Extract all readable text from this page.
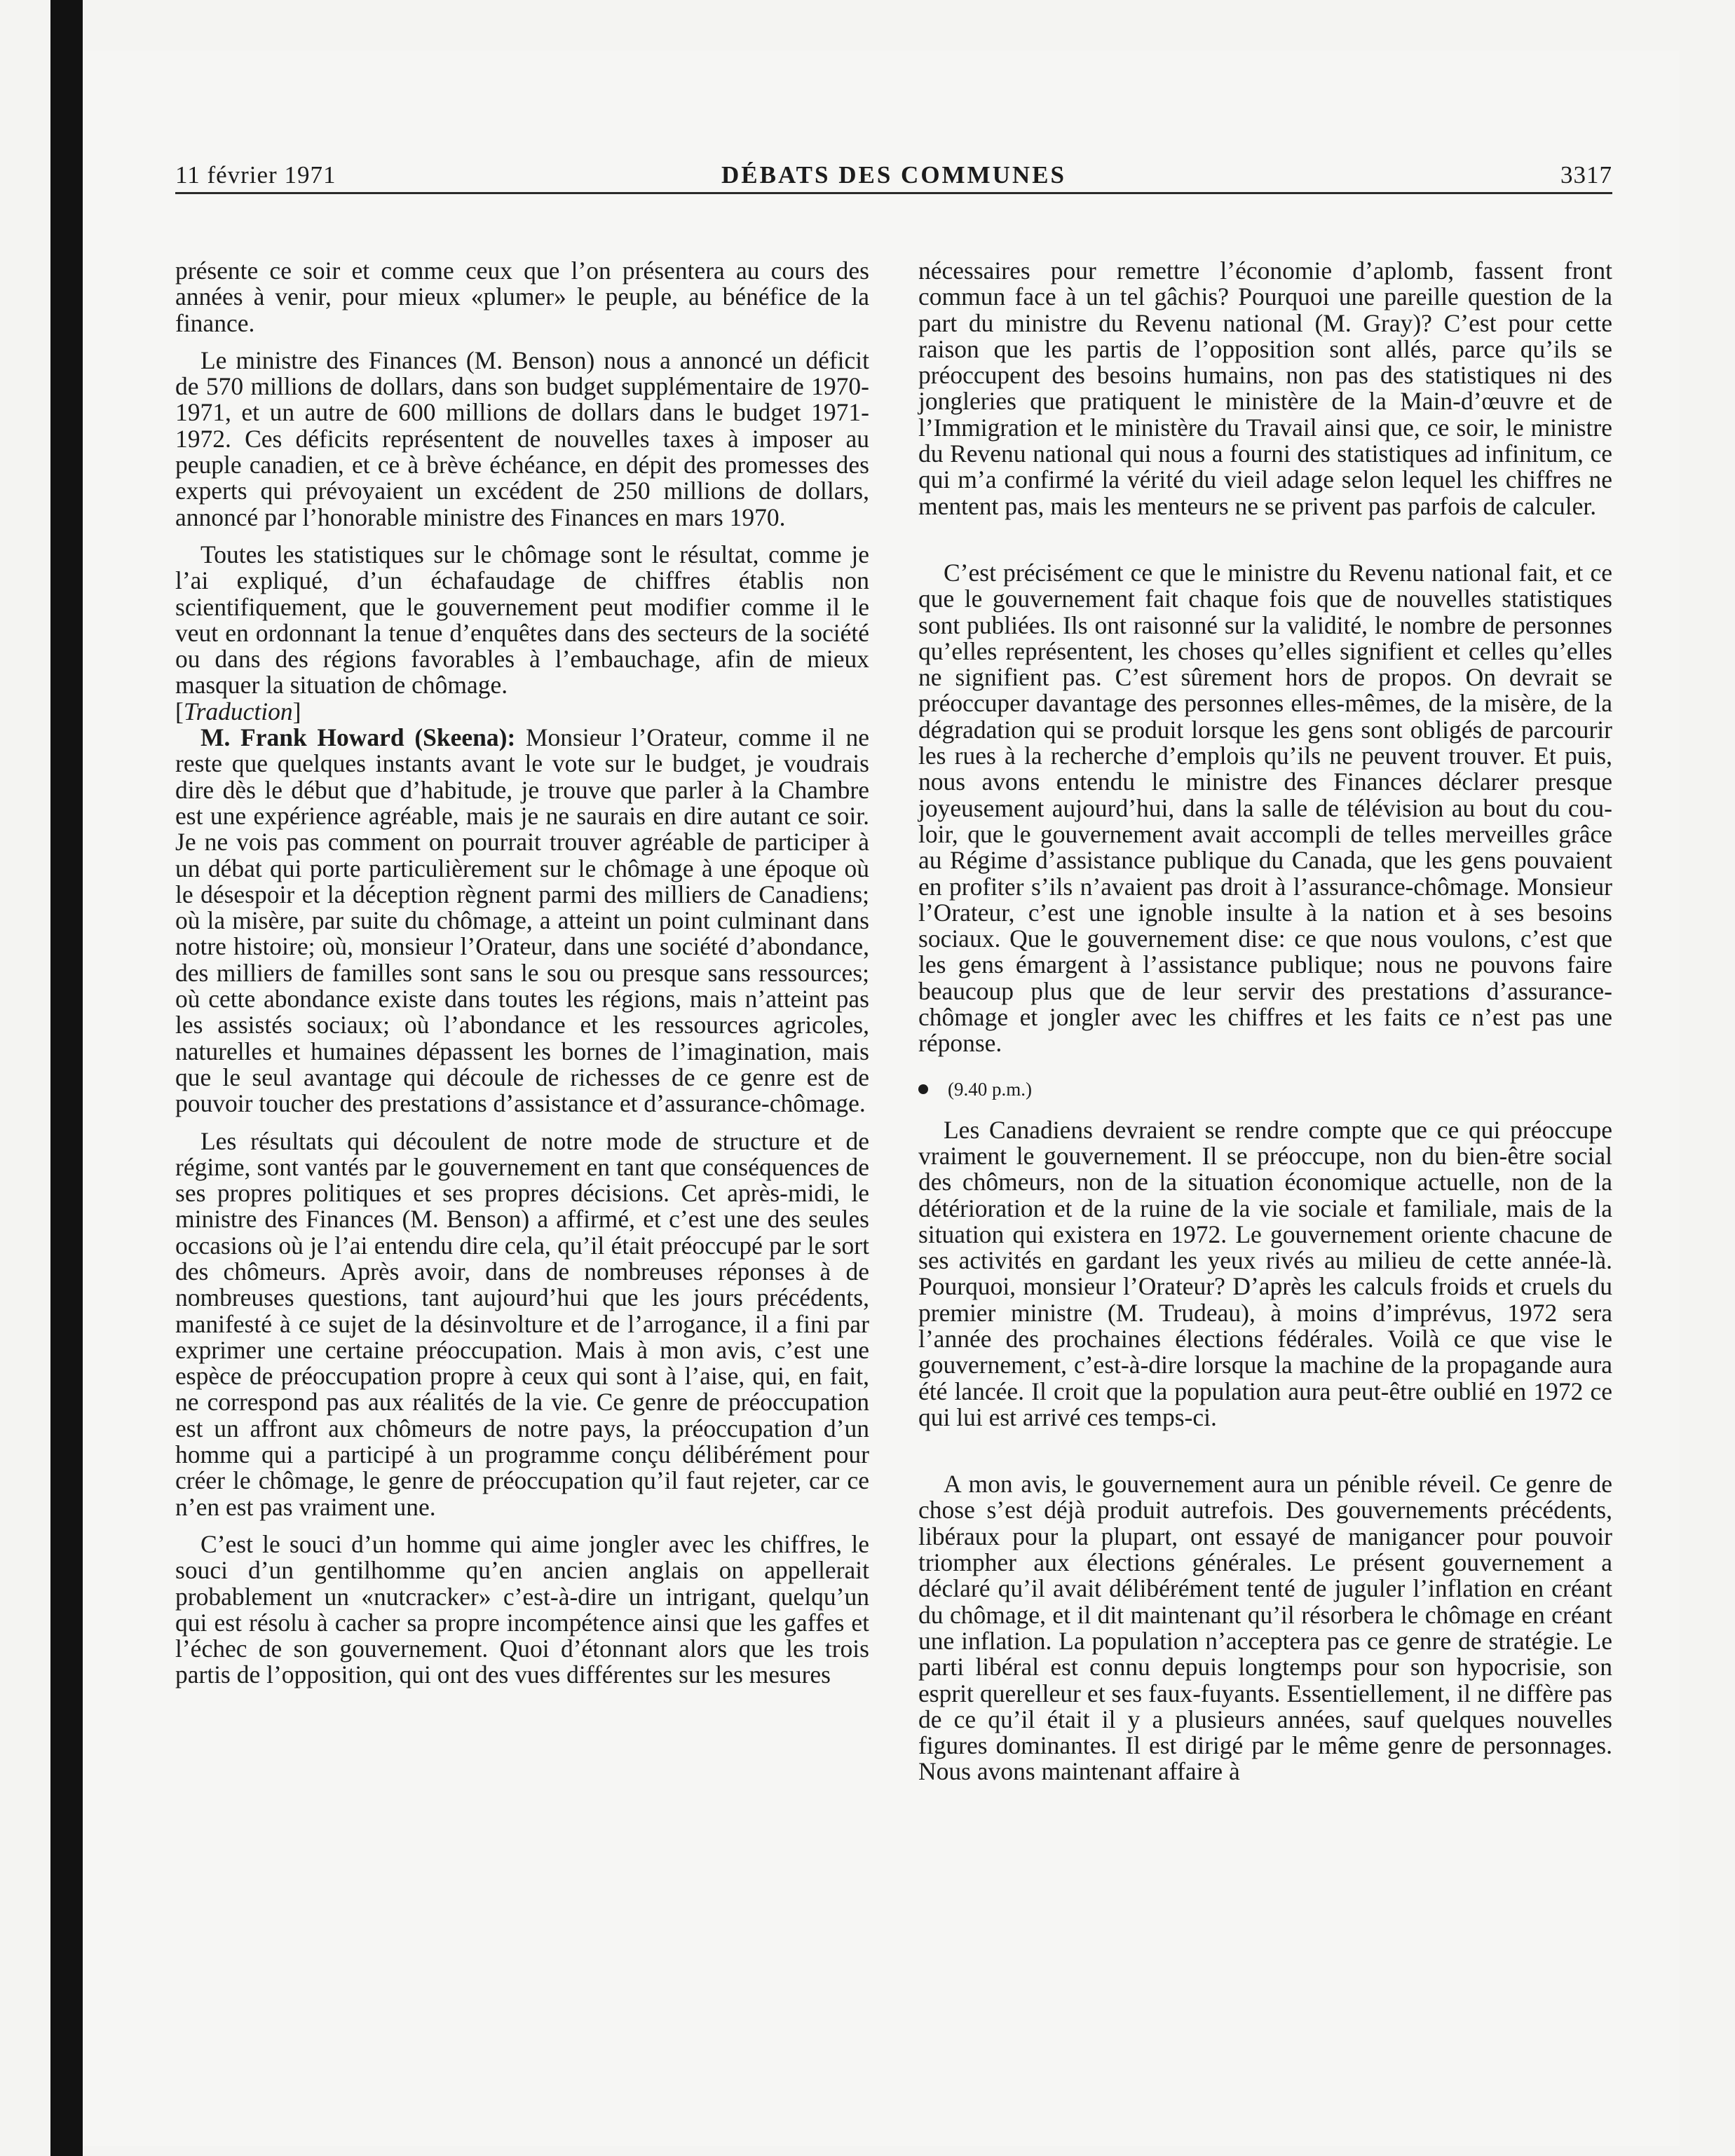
11 février 1971	DÉBATS DES COMMUNES	3317

présente ce soir et comme ceux que l’on présentera au cours des années à venir, pour mieux «plumer» le peuple, au bénéfice de la finance.

Le ministre des Finances (M. Benson) nous a annoncé un déficit de 570 millions de dollars, dans son budget supplémentaire de 1970-1971, et un autre de 600 millions de dollars dans le budget 1971-1972. Ces déficits représentent de nouvelles taxes à imposer au peuple canadien, et ce à brève échéance, en dépit des promesses des experts qui prévoyaient un excédent de 250 millions de dollars, annoncé par l’honorable ministre des Finances en mars 1970.

Toutes les statistiques sur le chômage sont le résultat, comme je l’ai expliqué, d’un échafaudage de chiffres établis non scientifiquement, que le gouvernement peut modifier comme il le veut en ordonnant la tenue d’enquêtes dans des secteurs de la société ou dans des régions favorables à l’embauchage, afin de mieux masquer la situation de chômage.

[Traduction]

M. Frank Howard (Skeena): Monsieur l’Orateur, comme il ne reste que quelques instants avant le vote sur le budget, je voudrais dire dès le début que d’habitude, je trouve que parler à la Chambre est une expérience agréable, mais je ne saurais en dire autant ce soir. Je ne vois pas comment on pourrait trouver agréable de participer à un débat qui porte particulièrement sur le chômage à une époque où le désespoir et la déception règnent parmi des milliers de Canadiens; où la misère, par suite du chômage, a atteint un point culminant dans notre histoire; où, monsieur l’Orateur, dans une société d’abondance, des milliers de familles sont sans le sou ou presque sans ressources; où cette abondance existe dans toutes les régions, mais n’atteint pas les assistés sociaux; où l’abondance et les ressources agricoles, naturelles et humaines dépassent les bornes de l’imagination, mais que le seul avantage qui découle de richesses de ce genre est de pouvoir toucher des prestations d’assistance et d’assurance-chômage.

Les résultats qui découlent de notre mode de structure et de régime, sont vantés par le gouvernement en tant que conséquences de ses propres politiques et ses propres décisions. Cet après-midi, le ministre des Finances (M. Benson) a affirmé, et c’est une des seules occasions où je l’ai entendu dire cela, qu’il était préoccupé par le sort des chômeurs. Après avoir, dans de nombreuses réponses à de nombreuses questions, tant aujourd’hui que les jours précédents, manifesté à ce sujet de la désinvolture et de l’arrogance, il a fini par exprimer une certaine préoccupation. Mais à mon avis, c’est une espèce de préoccupation propre à ceux qui sont à l’aise, qui, en fait, ne correspond pas aux réalités de la vie. Ce genre de préoccupation est un affront aux chômeurs de notre pays, la préoccupation d’un homme qui a participé à un programme conçu délibérément pour créer le chômage, le genre de préoccupation qu’il faut rejeter, car ce n’en est pas vraiment une.

C’est le souci d’un homme qui aime jongler avec les chiffres, le souci d’un gentilhomme qu’en ancien anglais on appellerait probablement un «nutcracker» c’est-à-dire un intrigant, quelqu’un qui est résolu à cacher sa propre incompétence ainsi que les gaffes et l’échec de son gouvernement. Quoi d’étonnant alors que les trois partis de l’opposition, qui ont des vues différentes sur les mesures

nécessaires pour remettre l’économie d’aplomb, fassent front commun face à un tel gâchis? Pourquoi une pareille question de la part du ministre du Revenu national (M. Gray)? C’est pour cette raison que les partis de l’opposition sont allés, parce qu’ils se préoccupent des besoins humains, non pas des statistiques ni des jongleries que pratiquent le ministère de la Main-d’œuvre et de l’Immigration et le ministère du Travail ainsi que, ce soir, le ministre du Revenu national qui nous a fourni des statistiques ad infinitum, ce qui m’a confirmé la vérité du vieil adage selon lequel les chiffres ne mentent pas, mais les menteurs ne se privent pas parfois de calculer.

C’est précisément ce que le ministre du Revenu national fait, et ce que le gouvernement fait chaque fois que de nouvelles statistiques sont publiées. Ils ont raisonné sur la validité, le nombre de personnes qu’elles représentent, les choses qu’elles signifient et celles qu’elles ne signifient pas. C’est sûrement hors de propos. On devrait se préoccuper davantage des personnes elles-mêmes, de la misère, de la dégradation qui se produit lorsque les gens sont obligés de parcourir les rues à la recherche d’emplois qu’ils ne peuvent trouver. Et puis, nous avons entendu le ministre des Finances déclarer presque joyeusement aujourd’hui, dans la salle de télévision au bout du couloir, que le gouvernement avait accompli de telles merveilles grâce au Régime d’assistance publique du Canada, que les gens pouvaient en profiter s’ils n’avaient pas droit à l’assurance-chômage. Monsieur l’Orateur, c’est une ignoble insulte à la nation et à ses besoins sociaux. Que le gouvernement dise: ce que nous voulons, c’est que les gens émargent à l’assistance publique; nous ne pouvons faire beaucoup plus que de leur servir des prestations d’assurance-chômage et jongler avec les chiffres et les faits ce n’est pas une réponse.

(9.40 p.m.)

Les Canadiens devraient se rendre compte que ce qui préoccupe vraiment le gouvernement. Il se préoccupe, non du bien-être social des chômeurs, non de la situation économique actuelle, non de la détérioration et de la ruine de la vie sociale et familiale, mais de la situation qui existera en 1972. Le gouvernement oriente chacune de ses activités en gardant les yeux rivés au milieu de cette année-là. Pourquoi, monsieur l’Orateur? D’après les calculs froids et cruels du premier ministre (M. Trudeau), à moins d’imprévus, 1972 sera l’année des prochaines élections fédérales. Voilà ce que vise le gouvernement, c’est-à-dire lorsque la machine de la propagande aura été lancée. Il croit que la population aura peut-être oublié en 1972 ce qui lui est arrivé ces temps-ci.

A mon avis, le gouvernement aura un pénible réveil. Ce genre de chose s’est déjà produit autrefois. Des gouvernements précédents, libéraux pour la plupart, ont essayé de manigancer pour pouvoir triompher aux élections générales. Le présent gouvernement a déclaré qu’il avait délibérément tenté de juguler l’inflation en créant du chômage, et il dit maintenant qu’il résorbera le chômage en créant une inflation. La population n’acceptera pas ce genre de stratégie. Le parti libéral est connu depuis longtemps pour son hypocrisie, son esprit querelleur et ses faux-fuyants. Essentiellement, il ne diffère pas de ce qu’il était il y a plusieurs années, sauf quelques nouvelles figures dominantes. Il est dirigé par le même genre de personnages. Nous avons maintenant affaire à
